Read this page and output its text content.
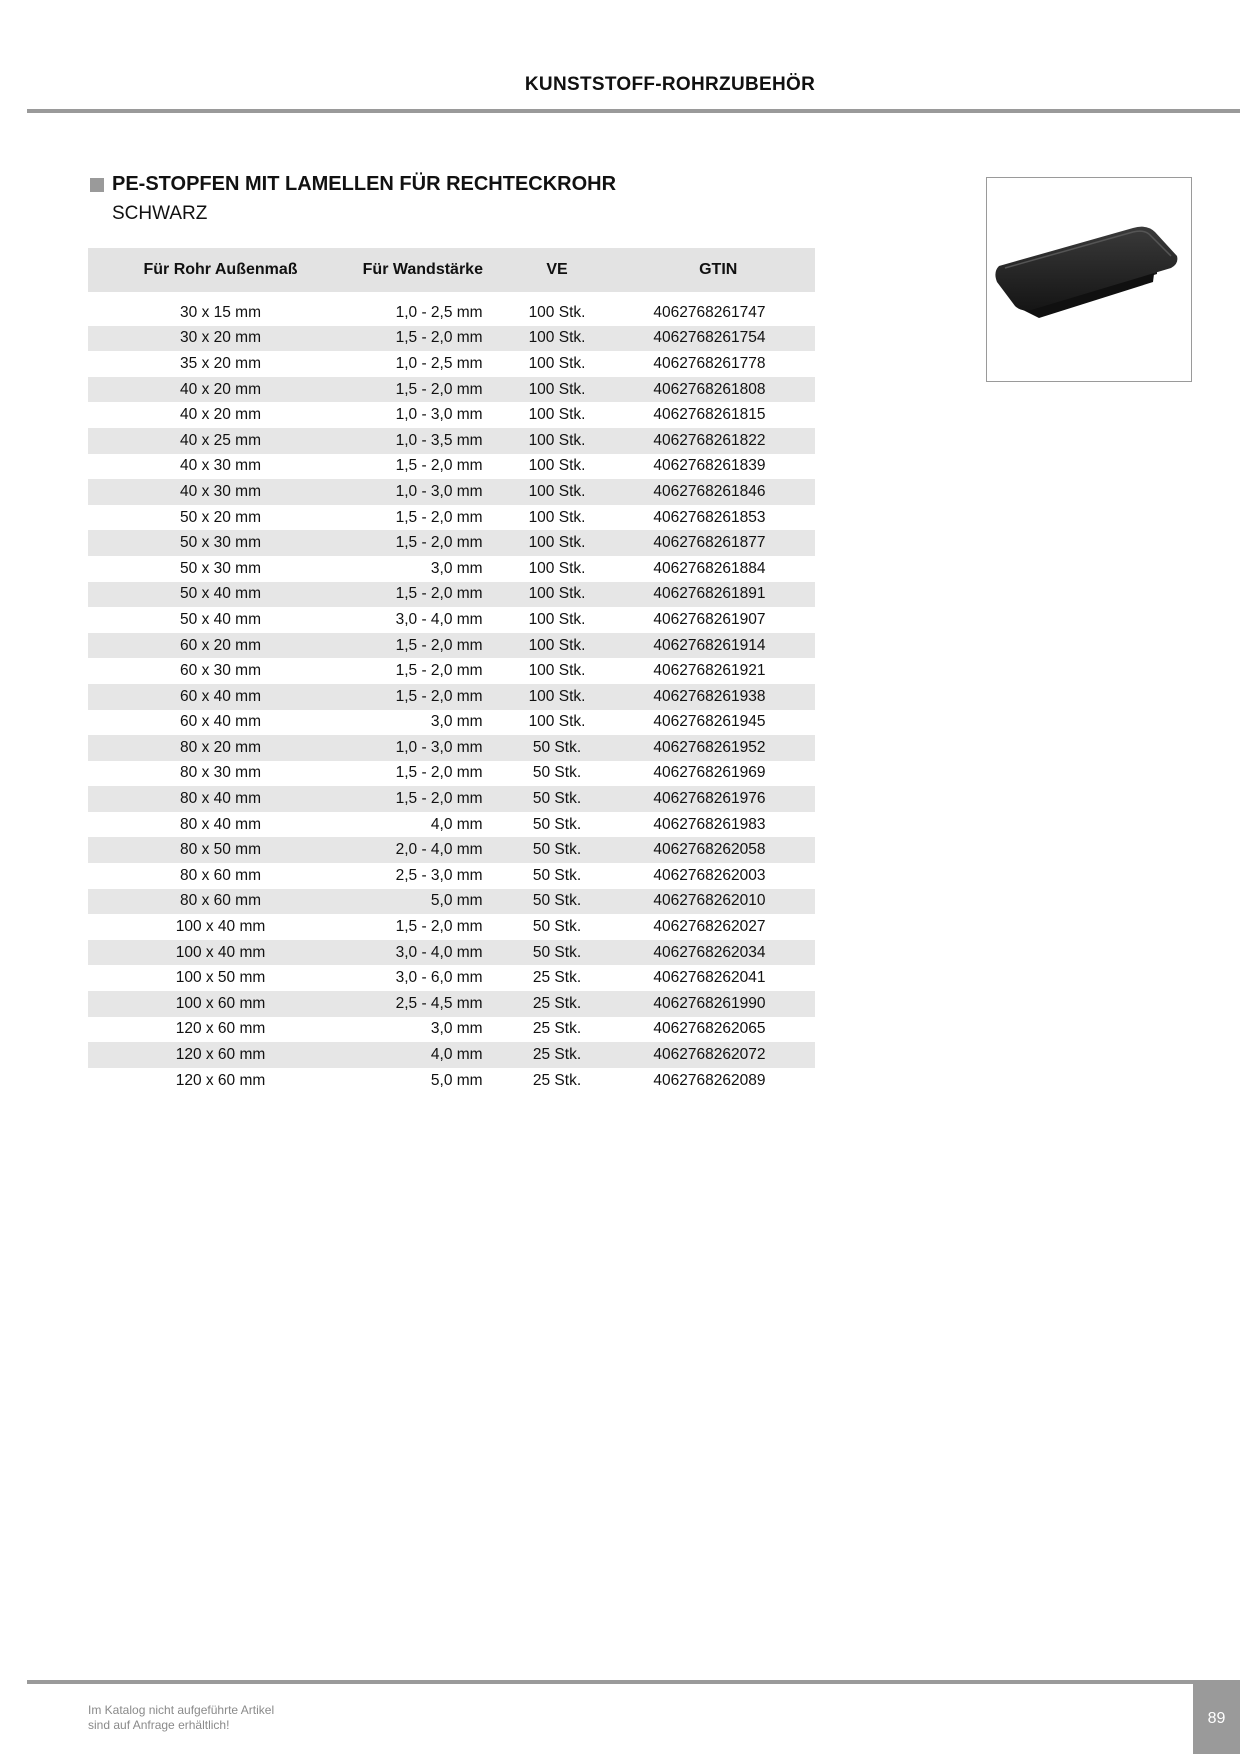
KUNSTSTOFF-ROHRZUBEHÖR
PE-STOPFEN MIT LAMELLEN FÜR RECHTECKROHR
SCHWARZ
Für Rohr Außenmaß	Für Wandstärke	VE	GTIN

30 x 15 mm	1,0 - 2,5 mm	100 Stk.	4062768261747
30 x 20 mm	1,5 - 2,0 mm	100 Stk.	4062768261754
35 x 20 mm	1,0 - 2,5 mm	100 Stk.	4062768261778
40 x 20 mm	1,5 - 2,0 mm	100 Stk.	4062768261808
40 x 20 mm	1,0 - 3,0 mm	100 Stk.	4062768261815
40 x 25 mm	1,0 - 3,5 mm	100 Stk.	4062768261822
40 x 30 mm	1,5 - 2,0 mm	100 Stk.	4062768261839
40 x 30 mm	1,0 - 3,0 mm	100 Stk.	4062768261846
50 x 20 mm	1,5 - 2,0 mm	100 Stk.	4062768261853
50 x 30 mm	1,5 - 2,0 mm	100 Stk.	4062768261877
50 x 30 mm	3,0 mm	100 Stk.	4062768261884
50 x 40 mm	1,5 - 2,0 mm	100 Stk.	4062768261891
50 x 40 mm	3,0 - 4,0 mm	100 Stk.	4062768261907
60 x 20 mm	1,5 - 2,0 mm	100 Stk.	4062768261914
60 x 30 mm	1,5 - 2,0 mm	100 Stk.	4062768261921
60 x 40 mm	1,5 - 2,0 mm	100 Stk.	4062768261938
60 x 40 mm	3,0 mm	100 Stk.	4062768261945
80 x 20 mm	1,0 - 3,0 mm	50 Stk.	4062768261952
80 x 30 mm	1,5 - 2,0 mm	50 Stk.	4062768261969
80 x 40 mm	1,5 - 2,0 mm	50 Stk.	4062768261976
80 x 40 mm	4,0 mm	50 Stk.	4062768261983
80 x 50 mm	2,0 - 4,0 mm	50 Stk.	4062768262058
80 x 60 mm	2,5 - 3,0 mm	50 Stk.	4062768262003
80 x 60 mm	5,0 mm	50 Stk.	4062768262010
100 x 40 mm	1,5 - 2,0 mm	50 Stk.	4062768262027
100 x 40 mm	3,0 - 4,0 mm	50 Stk.	4062768262034
100 x 50 mm	3,0 - 6,0 mm	25 Stk.	4062768262041
100 x 60 mm	2,5 - 4,5 mm	25 Stk.	4062768261990
120 x 60 mm	3,0 mm	25 Stk.	4062768262065
120 x 60 mm	4,0 mm	25 Stk.	4062768262072
120 x 60 mm	5,0 mm	25 Stk.	4062768262089
Im Katalog nicht aufgeführte Artikel
sind auf Anfrage erhältlich!	89
